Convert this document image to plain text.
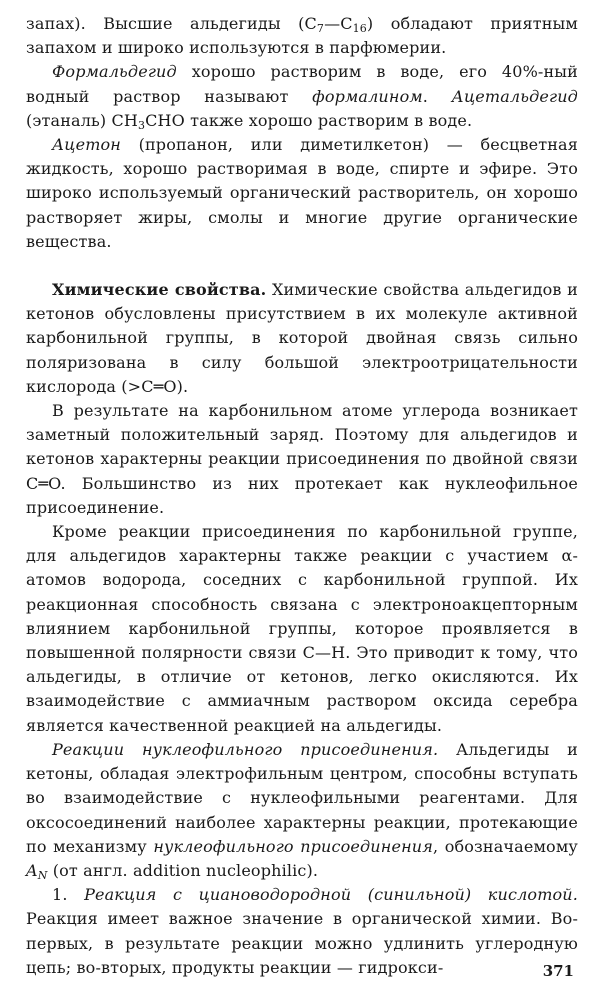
запах). Высшие альдегиды $(C_7—C_{16})$ обладают приятным запахом и широко используются в парфюмерии.

Формальдегид хорошо растворим в воде, его 40%-ный водный раствор называют формалином. Ацетальдегид (этаналь) $CH_3CHO$ также хорошо растворим в воде.

Ацетон (пропанон, или диметилкетон) — бесцветная жидкость, хорошо растворимая в воде, спирте и эфире. Это широко используемый органический растворитель, он хорошо растворяет жиры, смолы и многие другие органические вещества.

Химические свойства. Химические свойства альдегидов и кетонов обусловлены присутствием в их молекуле активной карбонильной группы, в которой двойная связь сильно поляризована в силу большой электроотрицательности кислорода (>C═O).

В результате на карбонильном атоме углерода возникает заметный положительный заряд. Поэтому для альдегидов и кетонов характерны реакции присоединения по двойной связи C═O. Большинство из них протекает как нуклеофильное присоединение.

Кроме реакции присоединения по карбонильной группе, для альдегидов характерны также реакции с участием α-атомов водорода, соседних с карбонильной группой. Их реакционная способность связана с электроноакцепторным влиянием карбонильной группы, которое проявляется в повышенной полярности связи C—H. Это приводит к тому, что альдегиды, в отличие от кетонов, легко окисляются. Их взаимодействие с аммиачным раствором оксида серебра является качественной реакцией на альдегиды.

Реакции нуклеофильного присоединения. Альдегиды и кетоны, обладая электрофильным центром, способны вступать во взаимодействие с нуклеофильными реагентами. Для оксосоединений наиболее характерны реакции, протекающие по механизму нуклеофильного присоединения, обозначаемому $A_N$ (от англ. addition nucleophilic).

1. Реакция с циановодородной (синильной) кислотой. Реакция имеет важное значение в органической химии. Во-первых, в результате реакции можно удлинить углеродную цепь; во-вторых, продукты реакции — гидрокси-	371
